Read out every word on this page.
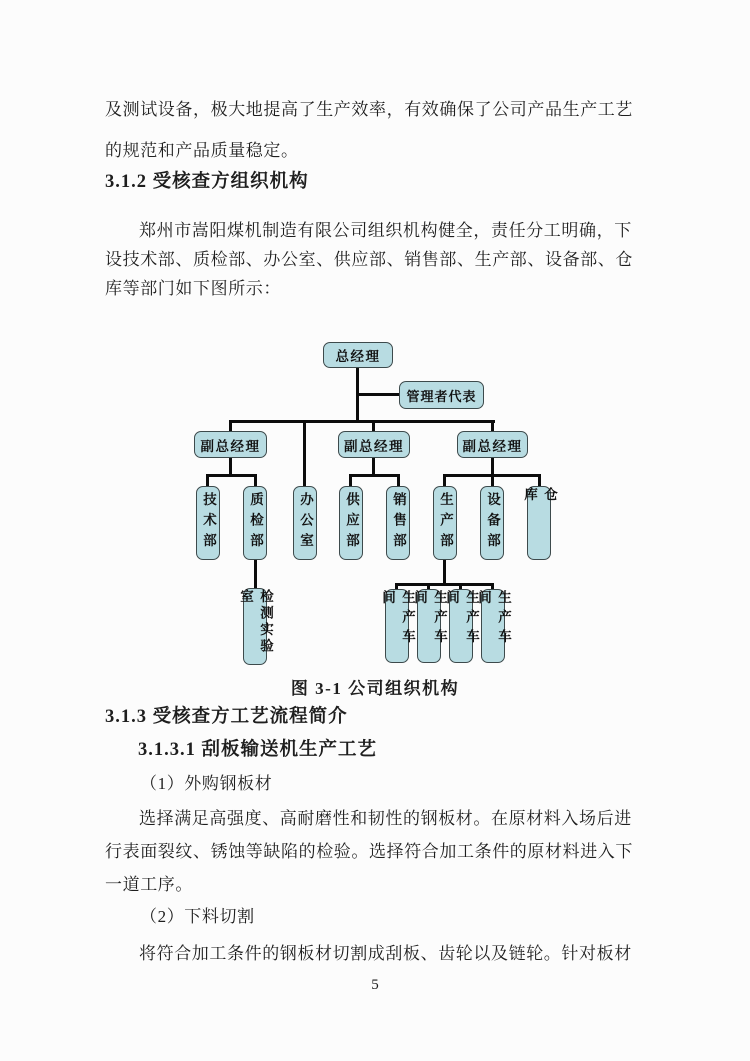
及测试设备，极大地提高了生产效率，有效确保了公司产品生产工艺
的规范和产品质量稳定。
3.1.2 受核查方组织机构
郑州市嵩阳煤机制造有限公司组织机构健全，责任分工明确，下
设技术部、质检部、办公室、供应部、销售部、生产部、设备部、仓
库等部门如下图所示：
总经理
管理者代表
副总经理	副总经理	副总经理
技术部	质检部	办公室	供应部	销售部	生产部	设备部	仓库
检测实验室	生产车间	生产车间	生产车间	生产车间
图 3-1 公司组织机构
3.1.3 受核查方工艺流程简介
3.1.3.1 刮板输送机生产工艺
（1）外购钢板材
选择满足高强度、高耐磨性和韧性的钢板材。在原材料入场后进
行表面裂纹、锈蚀等缺陷的检验。选择符合加工条件的原材料进入下
一道工序。
（2）下料切割
将符合加工条件的钢板材切割成刮板、齿轮以及链轮。针对板材
5
